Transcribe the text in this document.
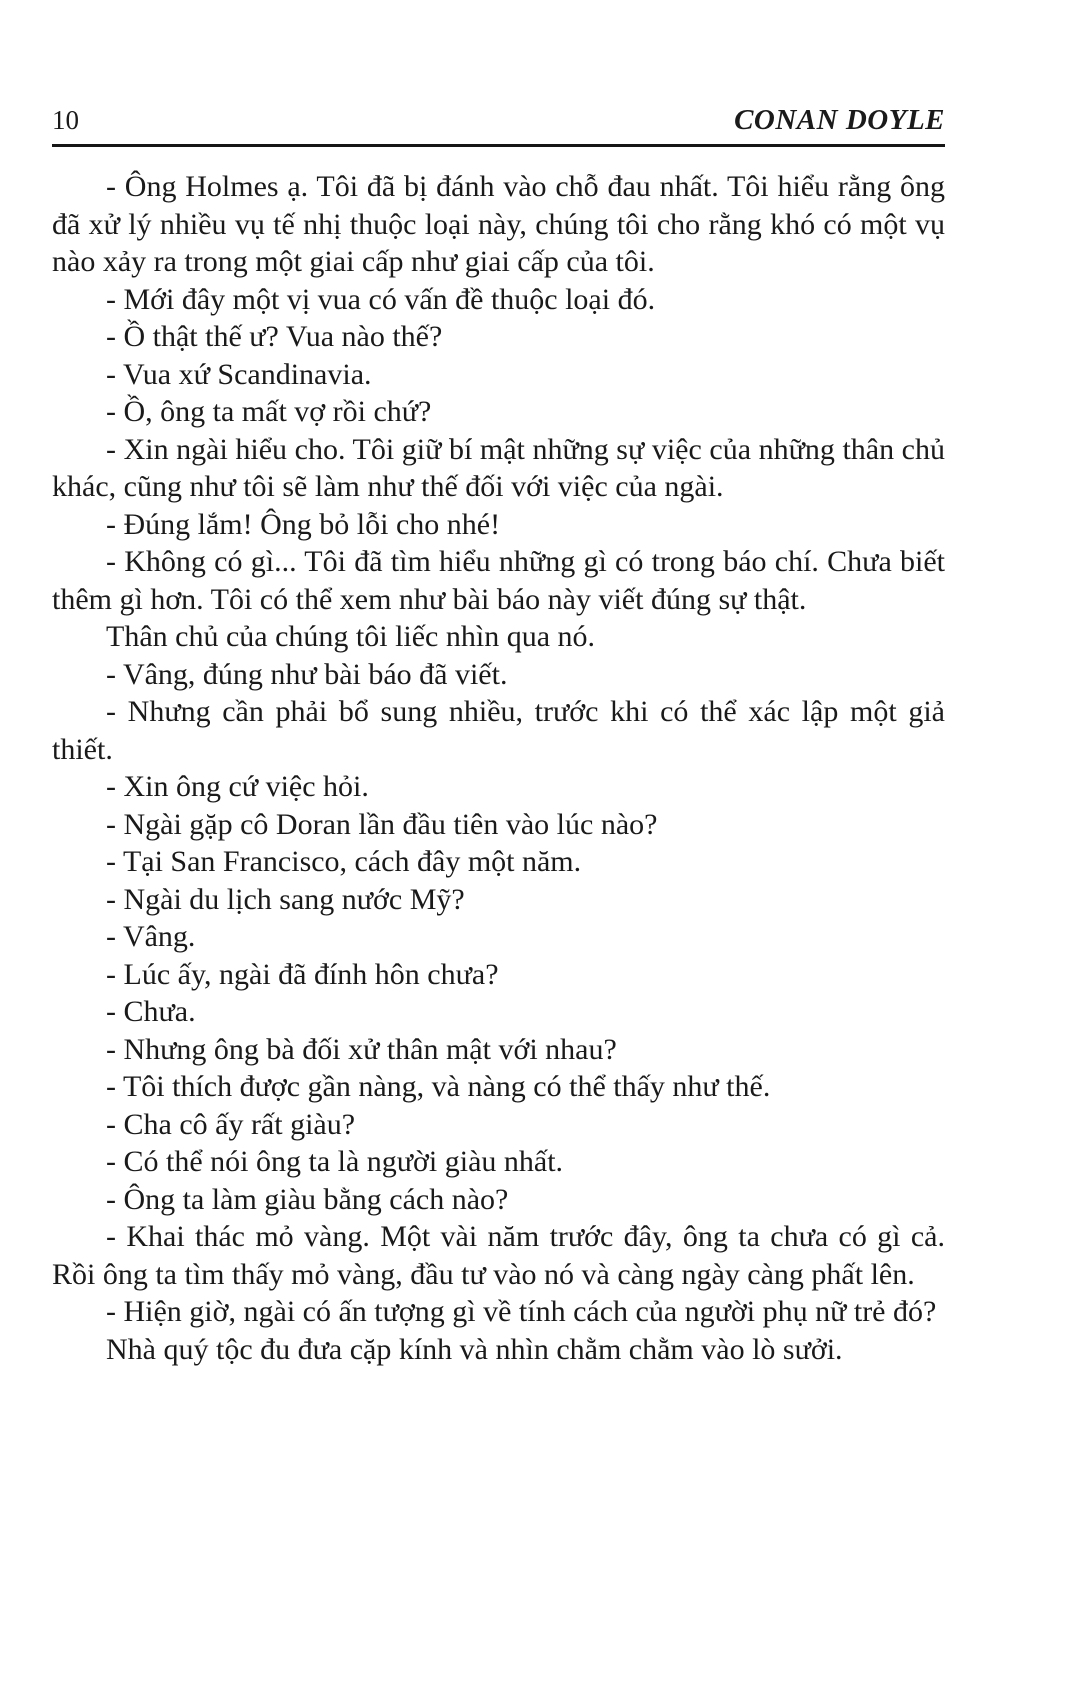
10	CONAN DOYLE

- Ông Holmes ạ. Tôi đã bị đánh vào chỗ đau nhất. Tôi hiểu rằng ông đã xử lý nhiều vụ tế nhị thuộc loại này, chúng tôi cho rằng khó có một vụ nào xảy ra trong một giai cấp như giai cấp của tôi.

- Mới đây một vị vua có vấn đề thuộc loại đó.

- Ồ thật thế ư? Vua nào thế?

- Vua xứ Scandinavia.

- Ồ, ông ta mất vợ rồi chứ?

- Xin ngài hiểu cho. Tôi giữ bí mật những sự việc của những thân chủ khác, cũng như tôi sẽ làm như thế đối với việc của ngài.

- Đúng lắm! Ông bỏ lỗi cho nhé!

- Không có gì... Tôi đã tìm hiểu những gì có trong báo chí. Chưa biết thêm gì hơn. Tôi có thể xem như bài báo này viết đúng sự thật.

Thân chủ của chúng tôi liếc nhìn qua nó.

- Vâng, đúng như bài báo đã viết.

- Nhưng cần phải bổ sung nhiều, trước khi có thể xác lập một giả thiết.

- Xin ông cứ việc hỏi.

- Ngài gặp cô Doran lần đầu tiên vào lúc nào?

- Tại San Francisco, cách đây một năm.

- Ngài du lịch sang nước Mỹ?

- Vâng.

- Lúc ấy, ngài đã đính hôn chưa?

- Chưa.

- Nhưng ông bà đối xử thân mật với nhau?

- Tôi thích được gần nàng, và nàng có thể thấy như thế.

- Cha cô ấy rất giàu?

- Có thể nói ông ta là người giàu nhất.

- Ông ta làm giàu bằng cách nào?

- Khai thác mỏ vàng. Một vài năm trước đây, ông ta chưa có gì cả. Rồi ông ta tìm thấy mỏ vàng, đầu tư vào nó và càng ngày càng phất lên.

- Hiện giờ, ngài có ấn tượng gì về tính cách của người phụ nữ trẻ đó?

Nhà quý tộc đu đưa cặp kính và nhìn chằm chằm vào lò sưởi.
